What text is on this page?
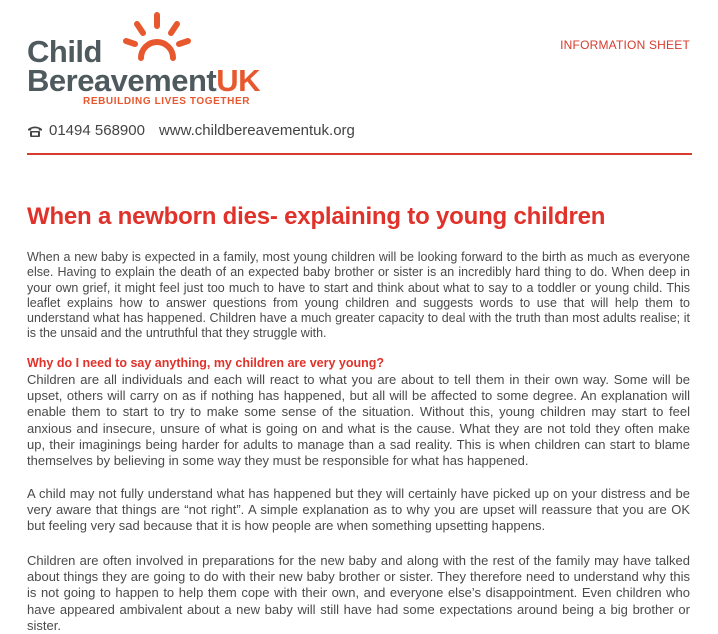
Child
BereavementUK
REBUILDING LIVES TOGETHER
INFORMATION SHEET
01494 568900 www.childbereavementuk.org
When a newborn dies- explaining to young children

When a new baby is expected in a family, most young children will be looking forward to the birth as much as everyone else. Having to explain the death of an expected baby brother or sister is an incredibly hard thing to do. When deep in your own grief, it might feel just too much to have to start and think about what to say to a toddler or young child. This leaflet explains how to answer questions from young children and suggests words to use that will help them to understand what has happened. Children have a much greater capacity to deal with the truth than most adults realise; it is the unsaid and the untruthful that they struggle with.

Why do I need to say anything, my children are very young?

Children are all individuals and each will react to what you are about to tell them in their own way. Some will be upset, others will carry on as if nothing has happened, but all will be affected to some degree. An explanation will enable them to start to try to make some sense of the situation. Without this, young children may start to feel anxious and insecure, unsure of what is going on and what is the cause. What they are not told they often make up, their imaginings being harder for adults to manage than a sad reality. This is when children can start to blame themselves by believing in some way they must be responsible for what has happened.

A child may not fully understand what has happened but they will certainly have picked up on your distress and be very aware that things are “not right”. A simple explanation as to why you are upset will reassure that you are OK but feeling very sad because that it is how people are when something upsetting happens.

Children are often involved in preparations for the new baby and along with the rest of the family may have talked about things they are going to do with their new baby brother or sister. They therefore need to understand why this is not going to happen to help them cope with their own, and everyone else’s disappointment. Even children who have appeared ambivalent about a new baby will still have had some expectations around being a big brother or sister.
